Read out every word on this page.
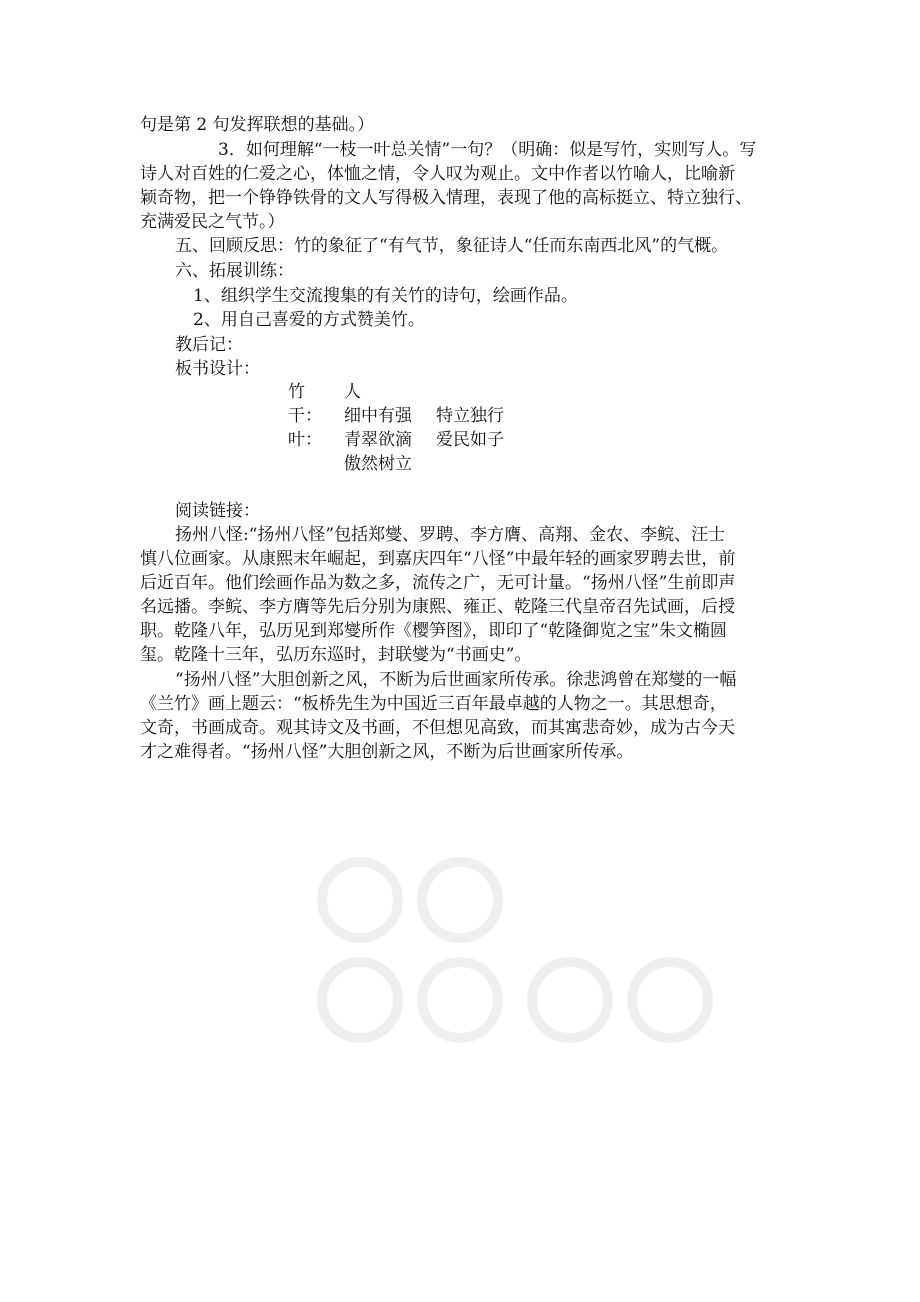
句是第 2 句发挥联想的基础。）
3．如何理解“一枝一叶总关情”一句？（明确：似是写竹，实则写人。写
诗人对百姓的仁爱之心，体恤之情，令人叹为观止。文中作者以竹喻人，比喻新
颖奇物，把一个铮铮铁骨的文人写得极入情理，表现了他的高标挺立、特立独行、
充满爱民之气节。）
五、回顾反思：竹的象征了“有气节，象征诗人“任而东南西北风”的气概。
六、拓展训练：
1、组织学生交流搜集的有关竹的诗句，绘画作品。
2、用自己喜爱的方式赞美竹。
教后记：
板书设计：
竹 人
干： 细中有强 特立独行
叶： 青翠欲滴 爱民如子
傲然树立
阅读链接：
扬州八怪:“扬州八怪”包括郑燮、罗聘、李方膺、高翔、金农、李鲩、汪士
慎八位画家。从康熙末年崛起，到嘉庆四年“八怪”中最年轻的画家罗聘去世，前
后近百年。他们绘画作品为数之多，流传之广，无可计量。“扬州八怪”生前即声
名远播。李鲩、李方膺等先后分别为康熙、雍正、乾隆三代皇帝召先试画，后授
职。乾隆八年，弘历见到郑燮所作《樱笋图》，即印了“乾隆御览之宝”朱文椭圆
玺。乾隆十三年，弘历东巡时，封联燮为“书画史”。
“扬州八怪”大胆创新之风，不断为后世画家所传承。徐悲鸿曾在郑燮的一幅
《兰竹》画上题云：“板桥先生为中国近三百年最卓越的人物之一。其思想奇，
文奇，书画成奇。观其诗文及书画，不但想见高致，而其寓悲奇妙，成为古今天
才之难得者。“扬州八怪”大胆创新之风，不断为后世画家所传承。
